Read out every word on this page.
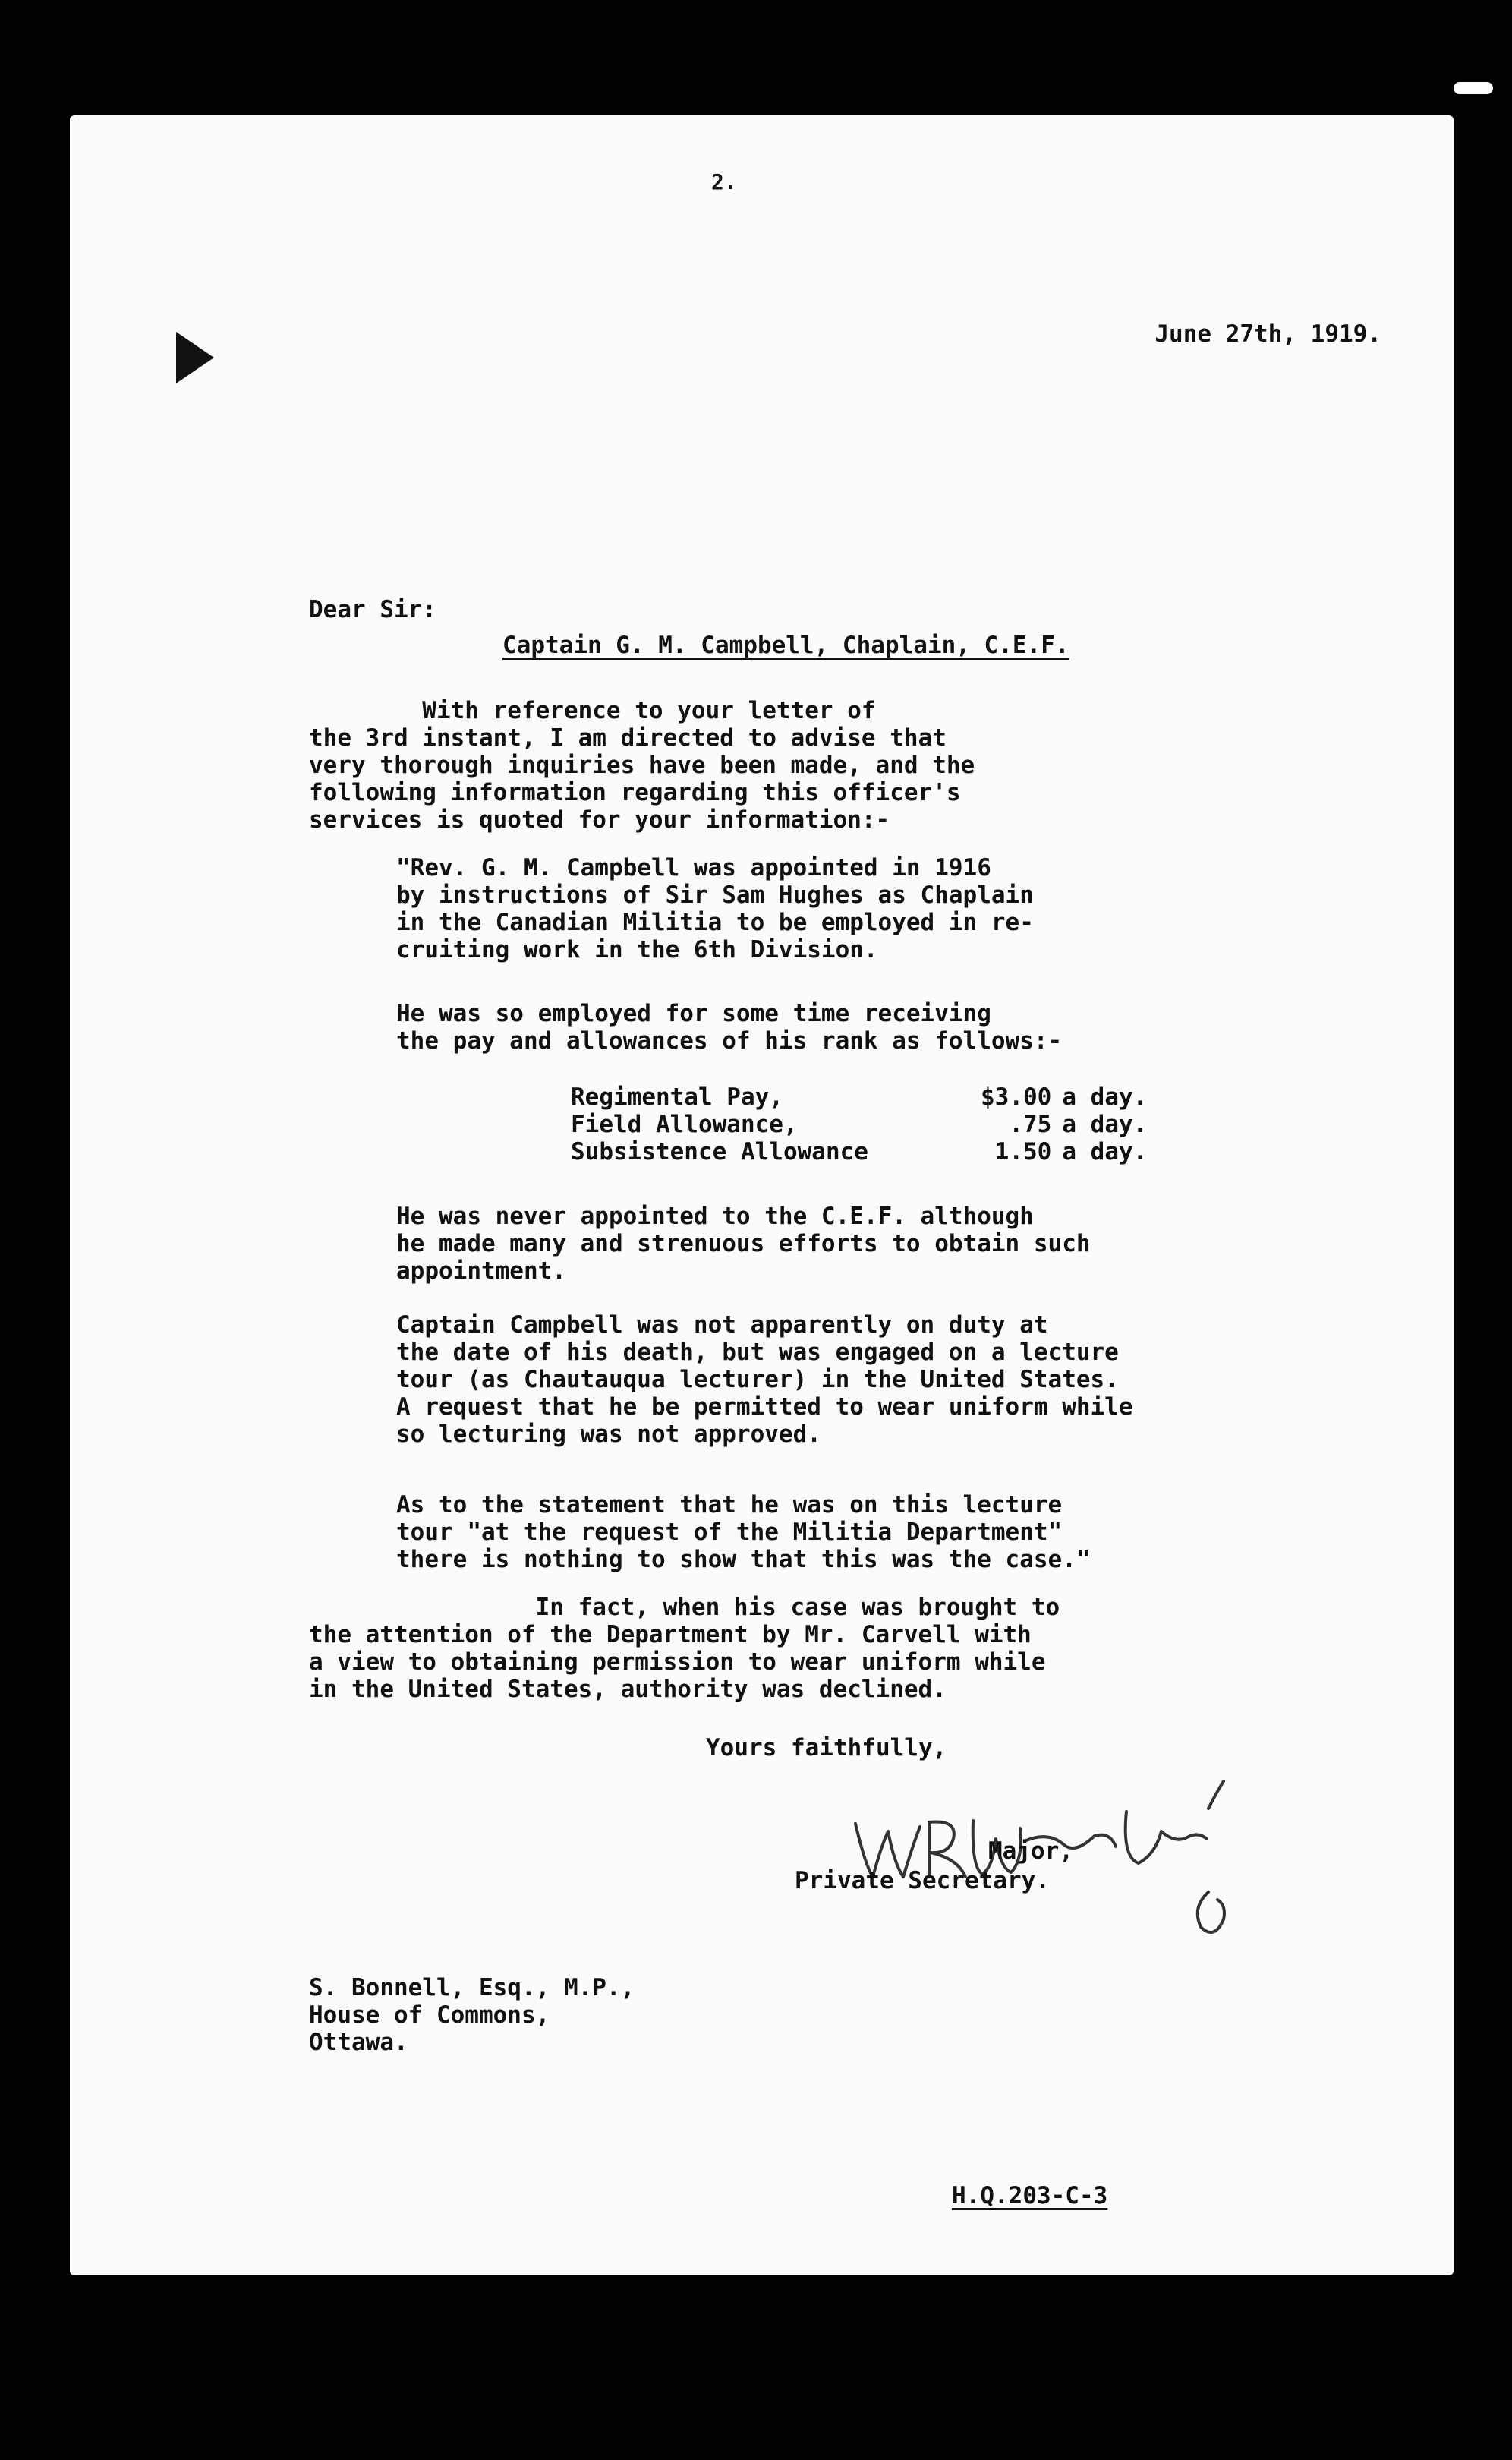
2.
June 27th, 1919.
Dear Sir:
Captain G. M. Campbell, Chaplain, C.E.F.

With reference to your letter of
the 3rd instant, I am directed to advise that
very thorough inquiries have been made, and the
following information regarding this officer's
services is quoted for your information:-

"Rev. G. M. Campbell was appointed in 1916
by instructions of Sir Sam Hughes as Chaplain
in the Canadian Militia to be employed in re-
cruiting work in the 6th Division.

He was so employed for some time receiving
the pay and allowances of his rank as follows:-

Regimental Pay,	$3.00	a day.
Field Allowance,	.75	a day.
Subsistence Allowance	1.50	a day.

He was never appointed to the C.E.F. although
he made many and strenuous efforts to obtain such
appointment.

Captain Campbell was not apparently on duty at
the date of his death, but was engaged on a lecture
tour (as Chautauqua lecturer) in the United States.
A request that he be permitted to wear uniform while
so lecturing was not approved.

As to the statement that he was on this lecture
tour "at the request of the Militia Department"
there is nothing to show that this was the case."

In fact, when his case was brought to
the attention of the Department by Mr. Carvell with
a view to obtaining permission to wear uniform while
in the United States, authority was declined.

Yours faithfully,
Major,
Private Secretary.
S. Bonnell, Esq., M.P.,
House of Commons,
Ottawa.
H.Q.203-C-3
